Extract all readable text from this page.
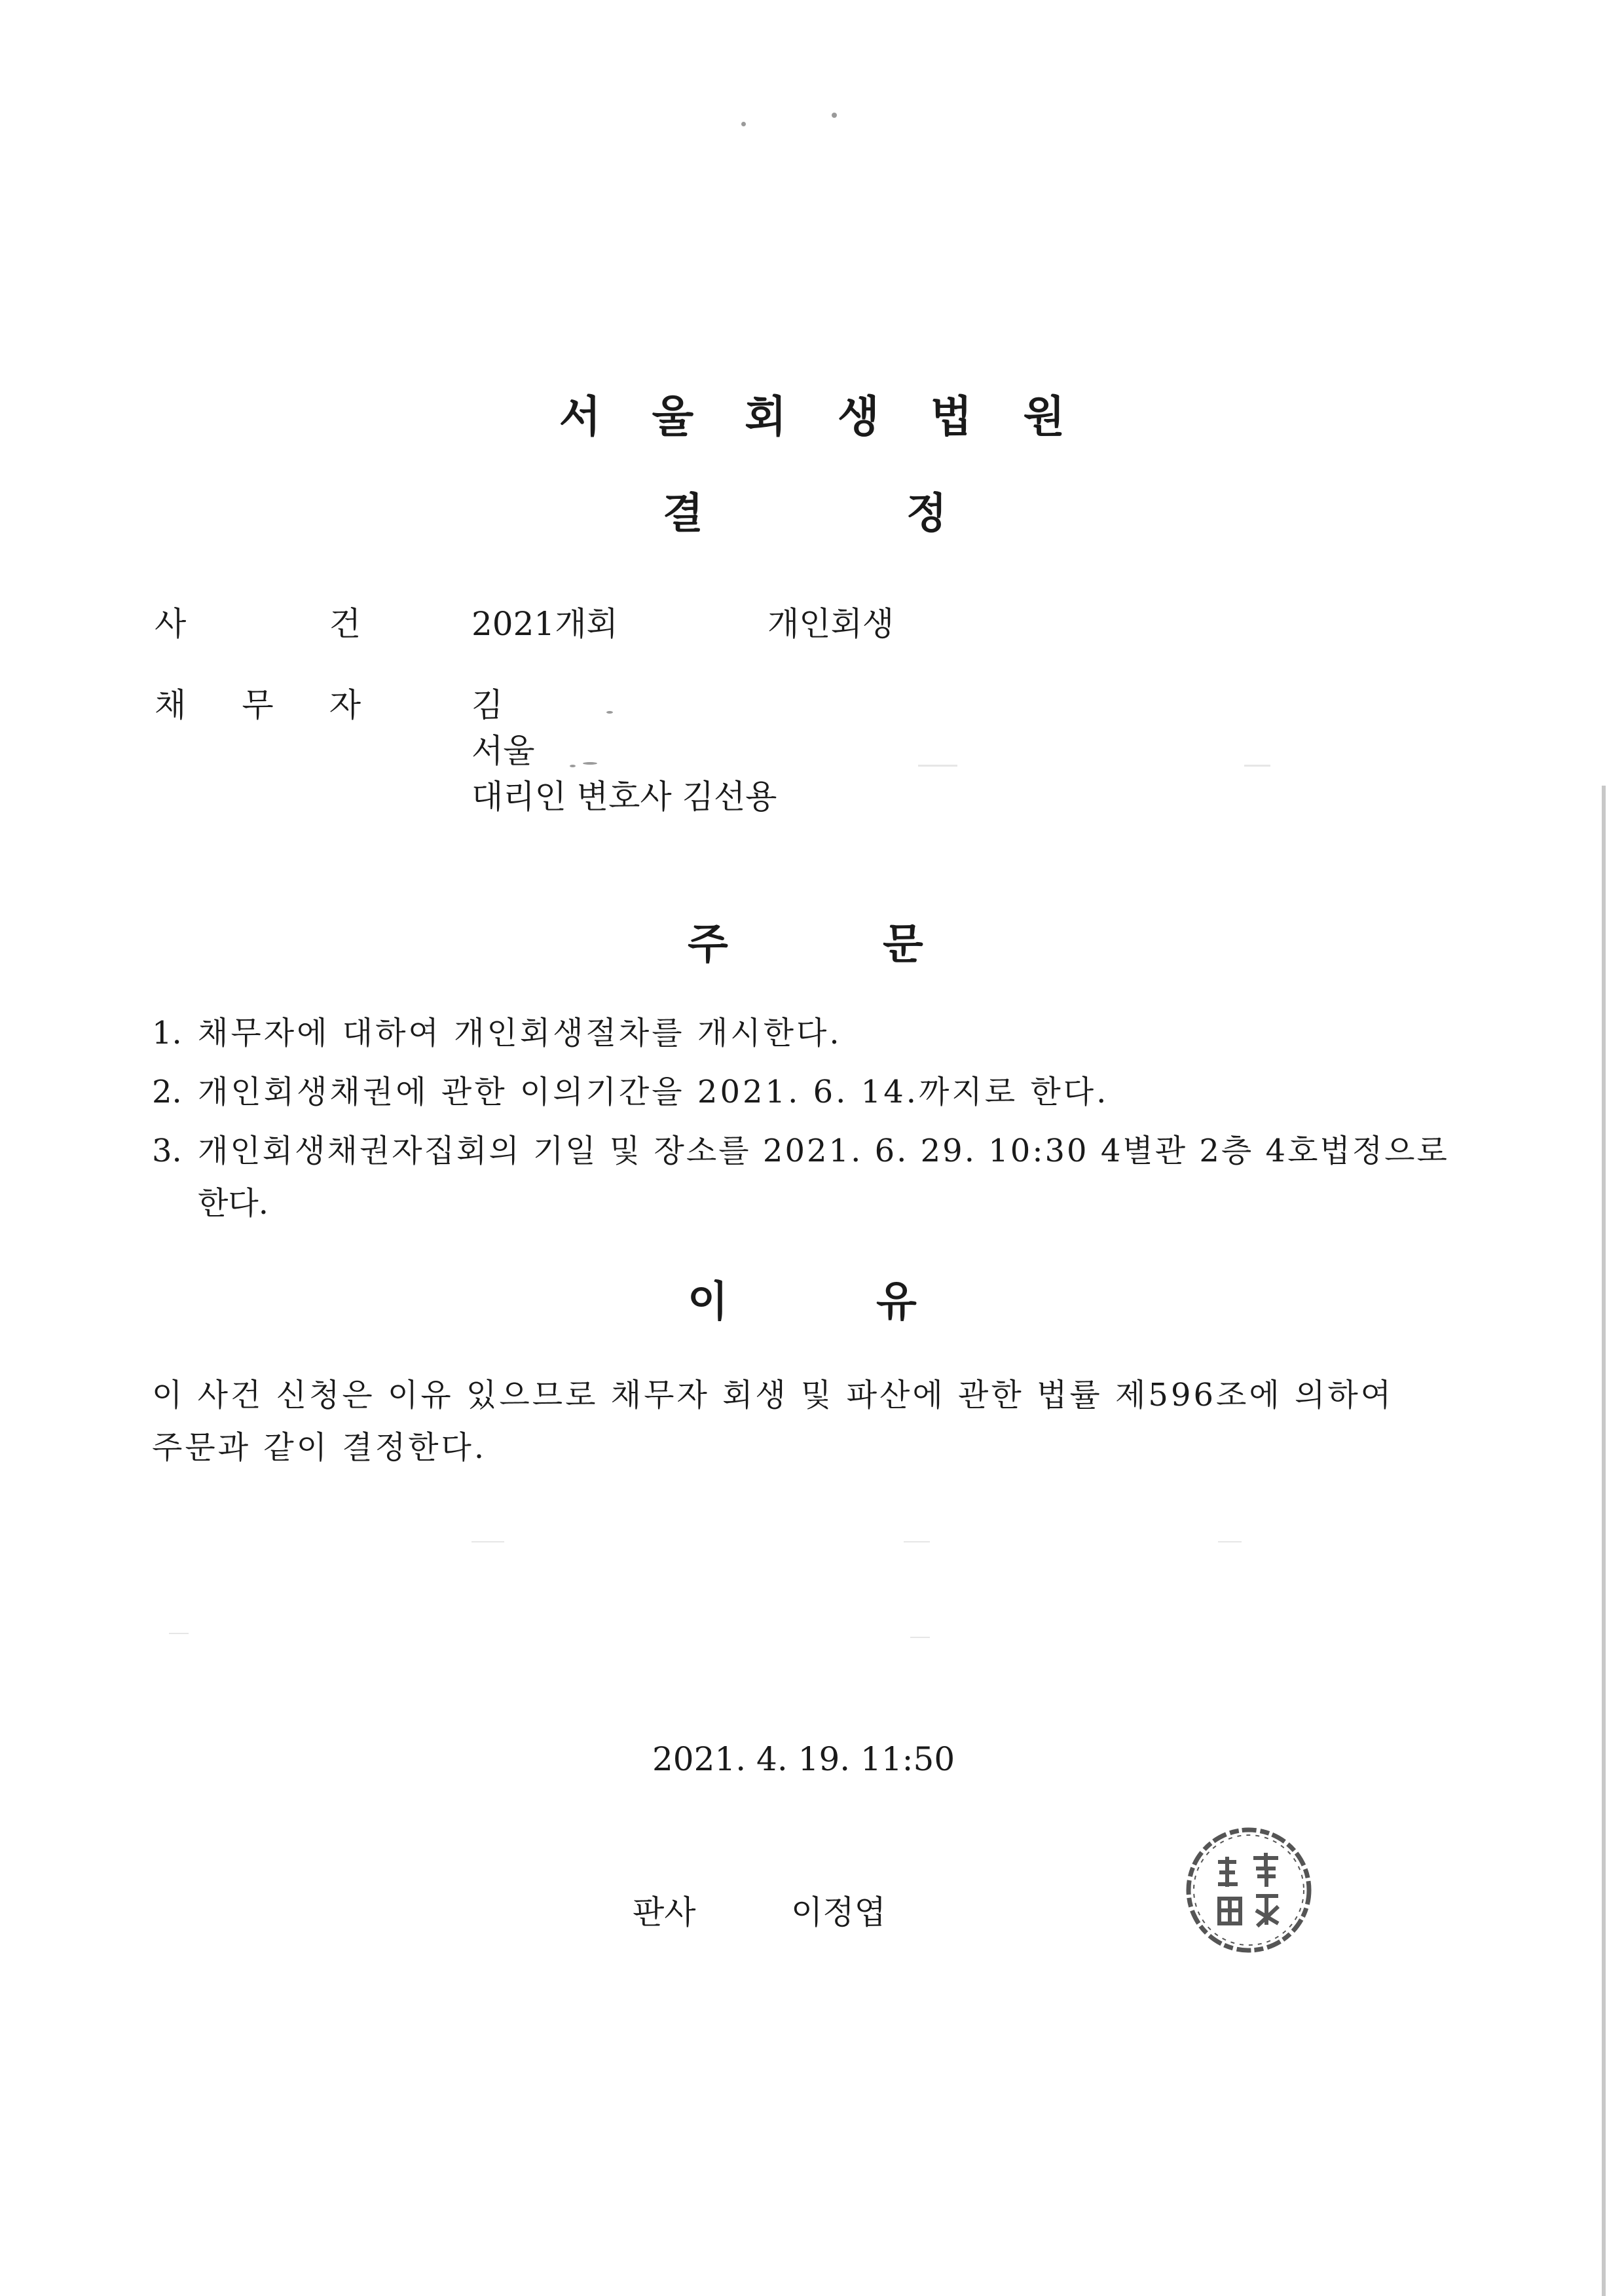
서울회생법원
결	정
사	건	2021개회	개인회생
채 무 자	김
서울
대리인 변호사 김선용
주	문
1. 채무자에 대하여 개인회생절차를 개시한다.
2. 개인회생채권에 관한 이의기간을 2021. 6. 14.까지로 한다.
3. 개인회생채권자집회의 기일 및 장소를 2021. 6. 29. 10:30 4별관 2층 4호법정으로
한다.
이	유
이 사건 신청은 이유 있으므로 채무자 회생 및 파산에 관한 법률 제596조에 의하여
주문과 같이 결정한다.
2021. 4. 19. 11:50
판사	이정엽
